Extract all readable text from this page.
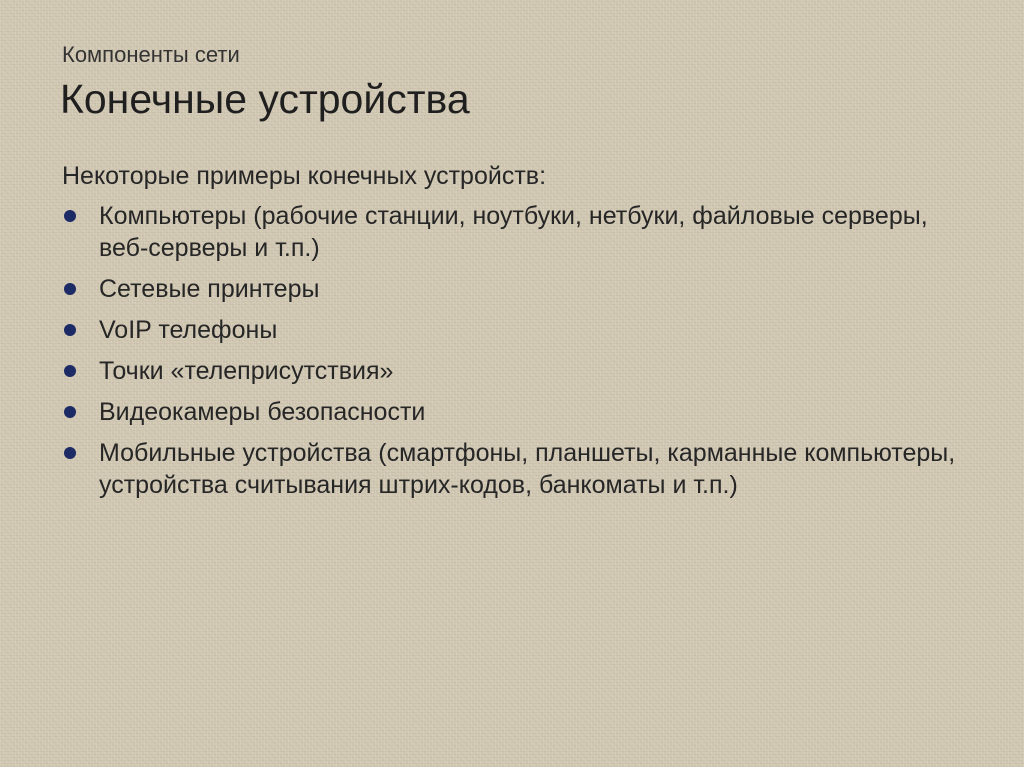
Компоненты сети
Конечные устройства

Некоторые примеры конечных устройств:

Компьютеры (рабочие станции, ноутбуки, нетбуки, файловые серверы, веб-серверы и т.п.)
Сетевые принтеры
VoIP телефоны
Точки «телеприсутствия»
Видеокамеры безопасности
Мобильные устройства (смартфоны, планшеты, карманные компьютеры, устройства считывания штрих-кодов, банкоматы и т.п.)
